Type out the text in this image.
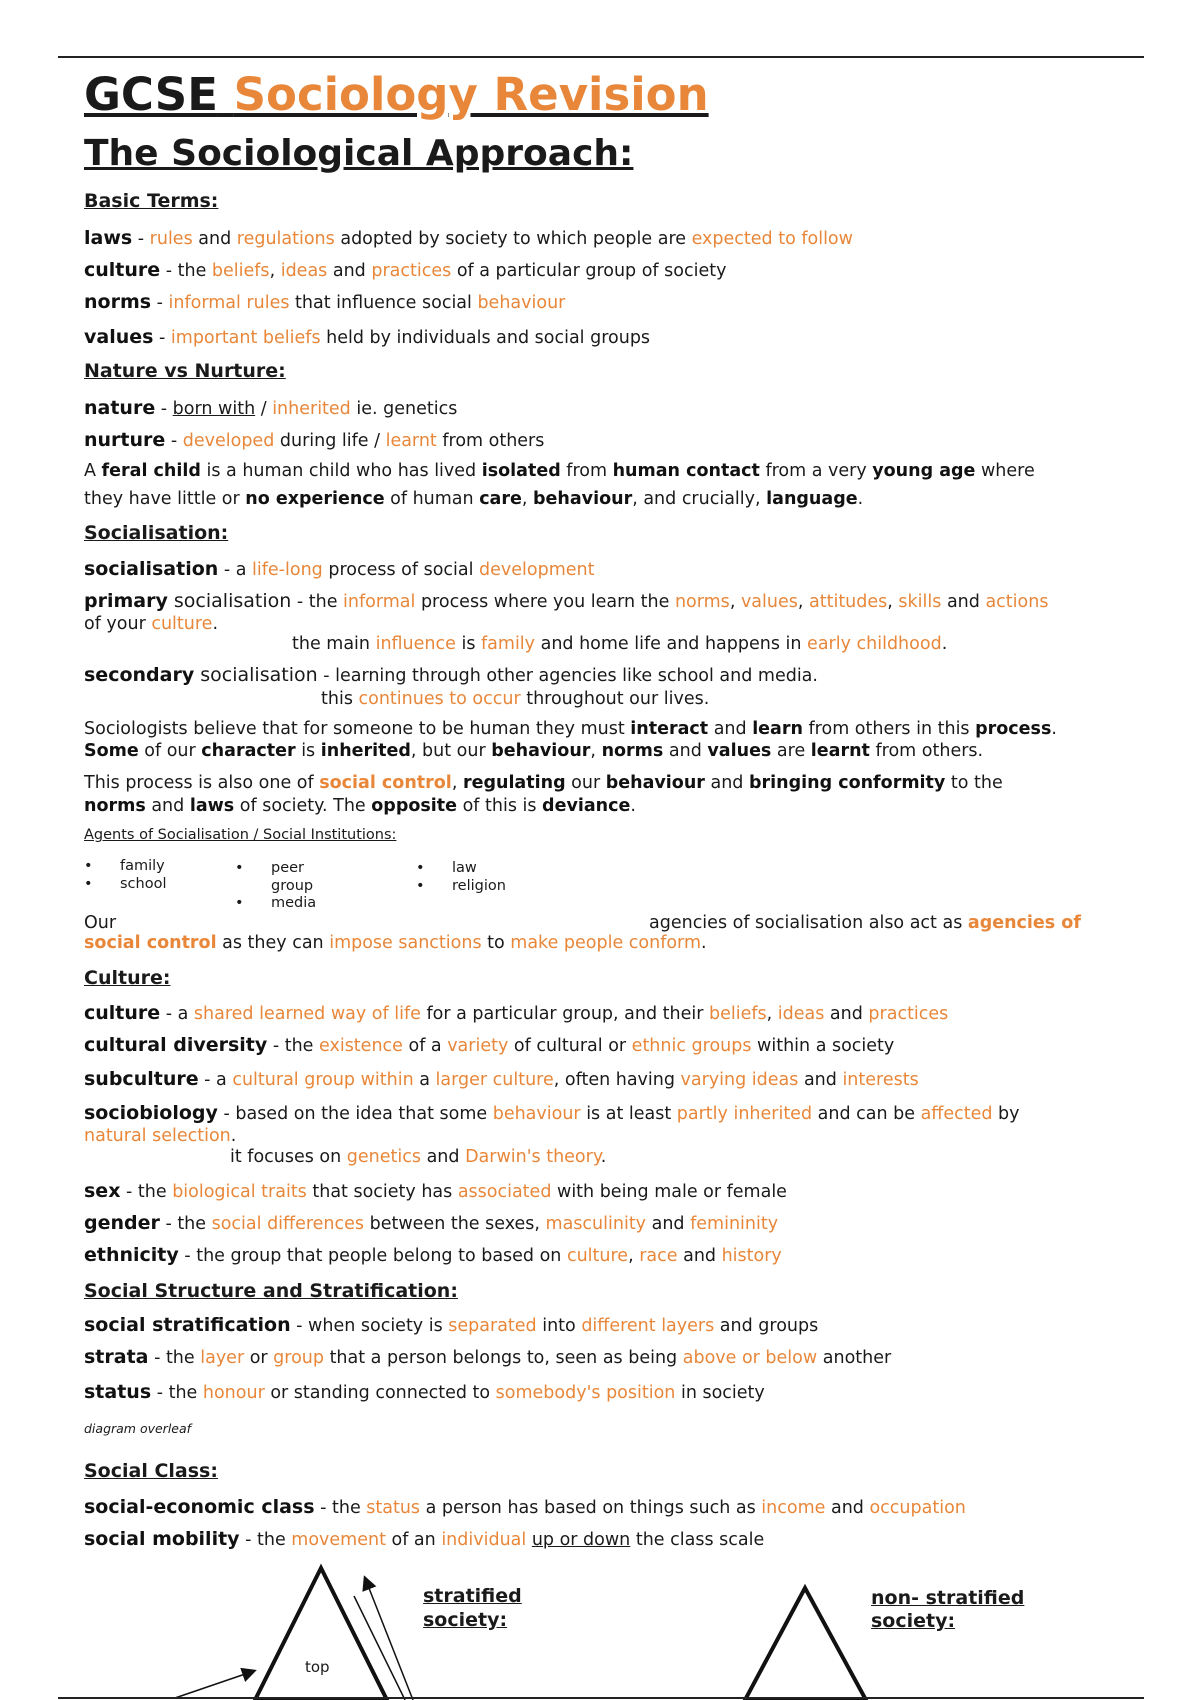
GCSE Sociology Revision
The Sociological Approach:
Basic Terms:
laws - rules and regulations adopted by society to which people are expected to follow
culture - the beliefs, ideas and practices of a particular group of society
norms - informal rules that influence social behaviour
values - important beliefs held by individuals and social groups
Nature vs Nurture:
nature - born with / inherited ie. genetics
nurture - developed during life / learnt from others
A feral child is a human child who has lived isolated from human contact from a very young age where
they have little or no experience of human care, behaviour, and crucially, language.
Socialisation:
socialisation - a life-long process of social development
primary socialisation - the informal process where you learn the norms, values, attitudes, skills and actions
of your culture.
the main influence is family and home life and happens in early childhood.
secondary socialisation - learning through other agencies like school and media.
this continues to occur throughout our lives.
Sociologists believe that for someone to be human they must interact and learn from others in this process.
Some of our character is inherited, but our behaviour, norms and values are learnt from others.
This process is also one of social control, regulating our behaviour and bringing conformity to the
norms and laws of society. The opposite of this is deviance.
Agents of Socialisation / Social Institutions:
• family
• school
• peer
group
• media
• law
• religion
Our	agencies of socialisation also act as agencies of
social control as they can impose sanctions to make people conform.
Culture:
culture - a shared learned way of life for a particular group, and their beliefs, ideas and practices
cultural diversity - the existence of a variety of cultural or ethnic groups within a society
subculture - a cultural group within a larger culture, often having varying ideas and interests
sociobiology - based on the idea that some behaviour is at least partly inherited and can be affected by
natural selection.
it focuses on genetics and Darwin's theory.
sex - the biological traits that society has associated with being male or female
gender - the social differences between the sexes, masculinity and femininity
ethnicity - the group that people belong to based on culture, race and history
Social Structure and Stratification:
social stratification - when society is separated into different layers and groups
strata - the layer or group that a person belongs to, seen as being above or below another
status - the honour or standing connected to somebody's position in society
diagram overleaf
Social Class:
social-economic class - the status a person has based on things such as income and occupation
social mobility - the movement of an individual up or down the class scale
top
stratified
society:
non- stratified
society:
